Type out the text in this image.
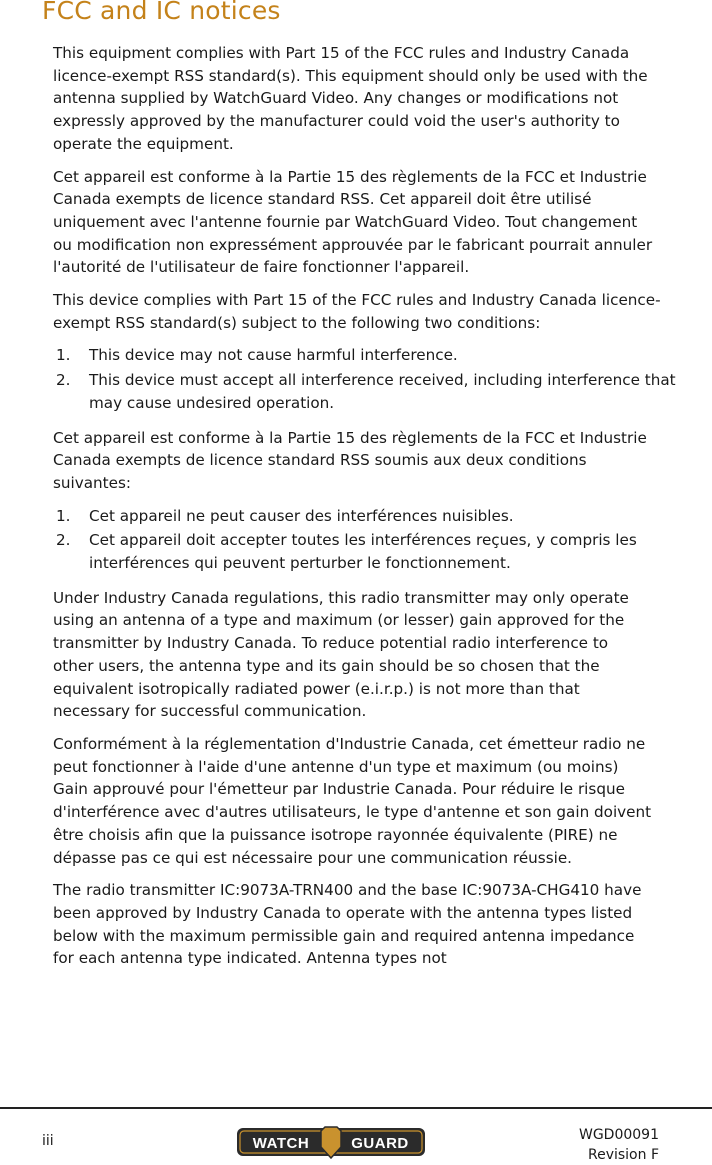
FCC and IC notices

This equipment complies with Part 15 of the FCC rules and Industry Canada licence-exempt RSS standard(s). This equipment should only be used with the antenna supplied by WatchGuard Video. Any changes or modifications not expressly approved by the manufacturer could void the user's authority to operate the equipment.

Cet appareil est conforme à la Partie 15 des règlements de la FCC et Industrie Canada exempts de licence standard RSS. Cet appareil doit être utilisé uniquement avec l'antenne fournie par WatchGuard Video. Tout changement ou modification non expressément approuvée par le fabricant pourrait annuler l'autorité de l'utilisateur de faire fonctionner l'appareil.

This device complies with Part 15 of the FCC rules and Industry Canada licence-exempt RSS standard(s) subject to the following two conditions:

1. This device may not cause harmful interference.
2. This device must accept all interference received, including interference that may cause undesired operation.

Cet appareil est conforme à la Partie 15 des règlements de la FCC et Industrie Canada exempts de licence standard RSS soumis aux deux conditions suivantes:

1. Cet appareil ne peut causer des interférences nuisibles.
2. Cet appareil doit accepter toutes les interférences reçues, y compris les interférences qui peuvent perturber le fonctionnement.

Under Industry Canada regulations, this radio transmitter may only operate using an antenna of a type and maximum (or lesser) gain approved for the transmitter by Industry Canada. To reduce potential radio interference to other users, the antenna type and its gain should be so chosen that the equivalent isotropically radiated power (e.i.r.p.) is not more than that necessary for successful communication.

Conformément à la réglementation d'Industrie Canada, cet émetteur radio ne peut fonctionner à l'aide d'une antenne d'un type et maximum (ou moins) Gain approuvé pour l'émetteur par Industrie Canada. Pour réduire le risque d'interférence avec d'autres utilisateurs, le type d'antenne et son gain doivent être choisis afin que la puissance isotrope rayonnée équivalente (PIRE) ne dépasse pas ce qui est nécessaire pour une communication réussie.

The radio transmitter IC:9073A-TRN400 and the base IC:9073A-CHG410 have been approved by Industry Canada to operate with the antenna types listed below with the maximum permissible gain and required antenna impedance for each antenna type indicated. Antenna types not

iii	WATCH	GUARD	WGD00091
Revision F
